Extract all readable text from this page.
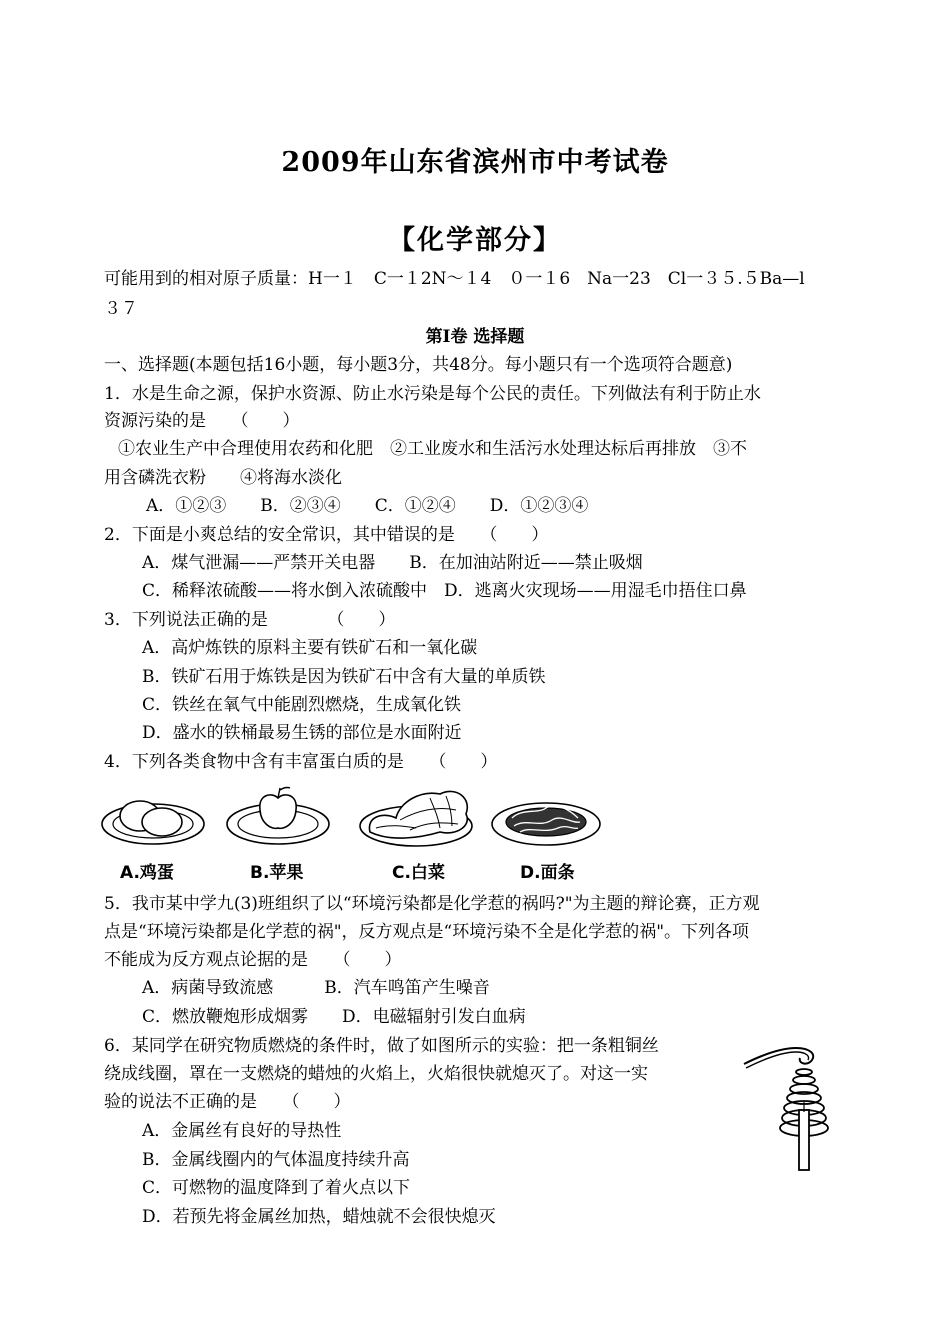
2009年山东省滨州市中考试卷
【化学部分】
可能用到的相对原子质量：H一１　C一１2N～１4　０一１6　Na一23　Cl一３５.５Ba—l
３７
第Ⅰ卷 选择题
一、选择题(本题包括16小题，每小题3分，共48分。每小题只有一个选项符合题意)
1．水是生命之源，保护水资源、防止水污染是每个公民的责任。下列做法有利于防止水
资源污染的是　　（　　）
①农业生产中合理使用农药和化肥　②工业废水和生活污水处理达标后再排放　③不
用含磷洗衣粉　　④将海水淡化
A．①②③　　B．②③④　　C．①②④　　D．①②③④
2．下面是小爽总结的安全常识，其中错误的是　　（　　）
A．煤气泄漏——严禁开关电器　　B．在加油站附近——禁止吸烟
C．稀释浓硫酸——将水倒入浓硫酸中　D．逃离火灾现场——用湿毛巾捂住口鼻
3．下列说法正确的是　　　　（　　）
A．高炉炼铁的原料主要有铁矿石和一氧化碳
B．铁矿石用于炼铁是因为铁矿石中含有大量的单质铁
C．铁丝在氧气中能剧烈燃烧，生成氧化铁
D．盛水的铁桶最易生锈的部位是水面附近
4．下列各类食物中含有丰富蛋白质的是　　（　　）
A.鸡蛋	B.苹果	C.白菜	D.面条
5．我市某中学九(3)班组织了以“环境污染都是化学惹的祸吗?"为主题的辩论赛，正方观
点是“环境污染都是化学惹的祸"，反方观点是“环境污染不全是化学惹的祸"。下列各项
不能成为反方观点论据的是　　（　　）
A．病菌导致流感　　　B．汽车鸣笛产生噪音
C．燃放鞭炮形成烟雾　　D．电磁辐射引发白血病
6．某同学在研究物质燃烧的条件时，做了如图所示的实验：把一条粗铜丝
绕成线圈，罩在一支燃烧的蜡烛的火焰上，火焰很快就熄灭了。对这一实
验的说法不正确的是　　（　　）
A．金属丝有良好的导热性
B．金属线圈内的气体温度持续升高
C．可燃物的温度降到了着火点以下
D．若预先将金属丝加热，蜡烛就不会很快熄灭
